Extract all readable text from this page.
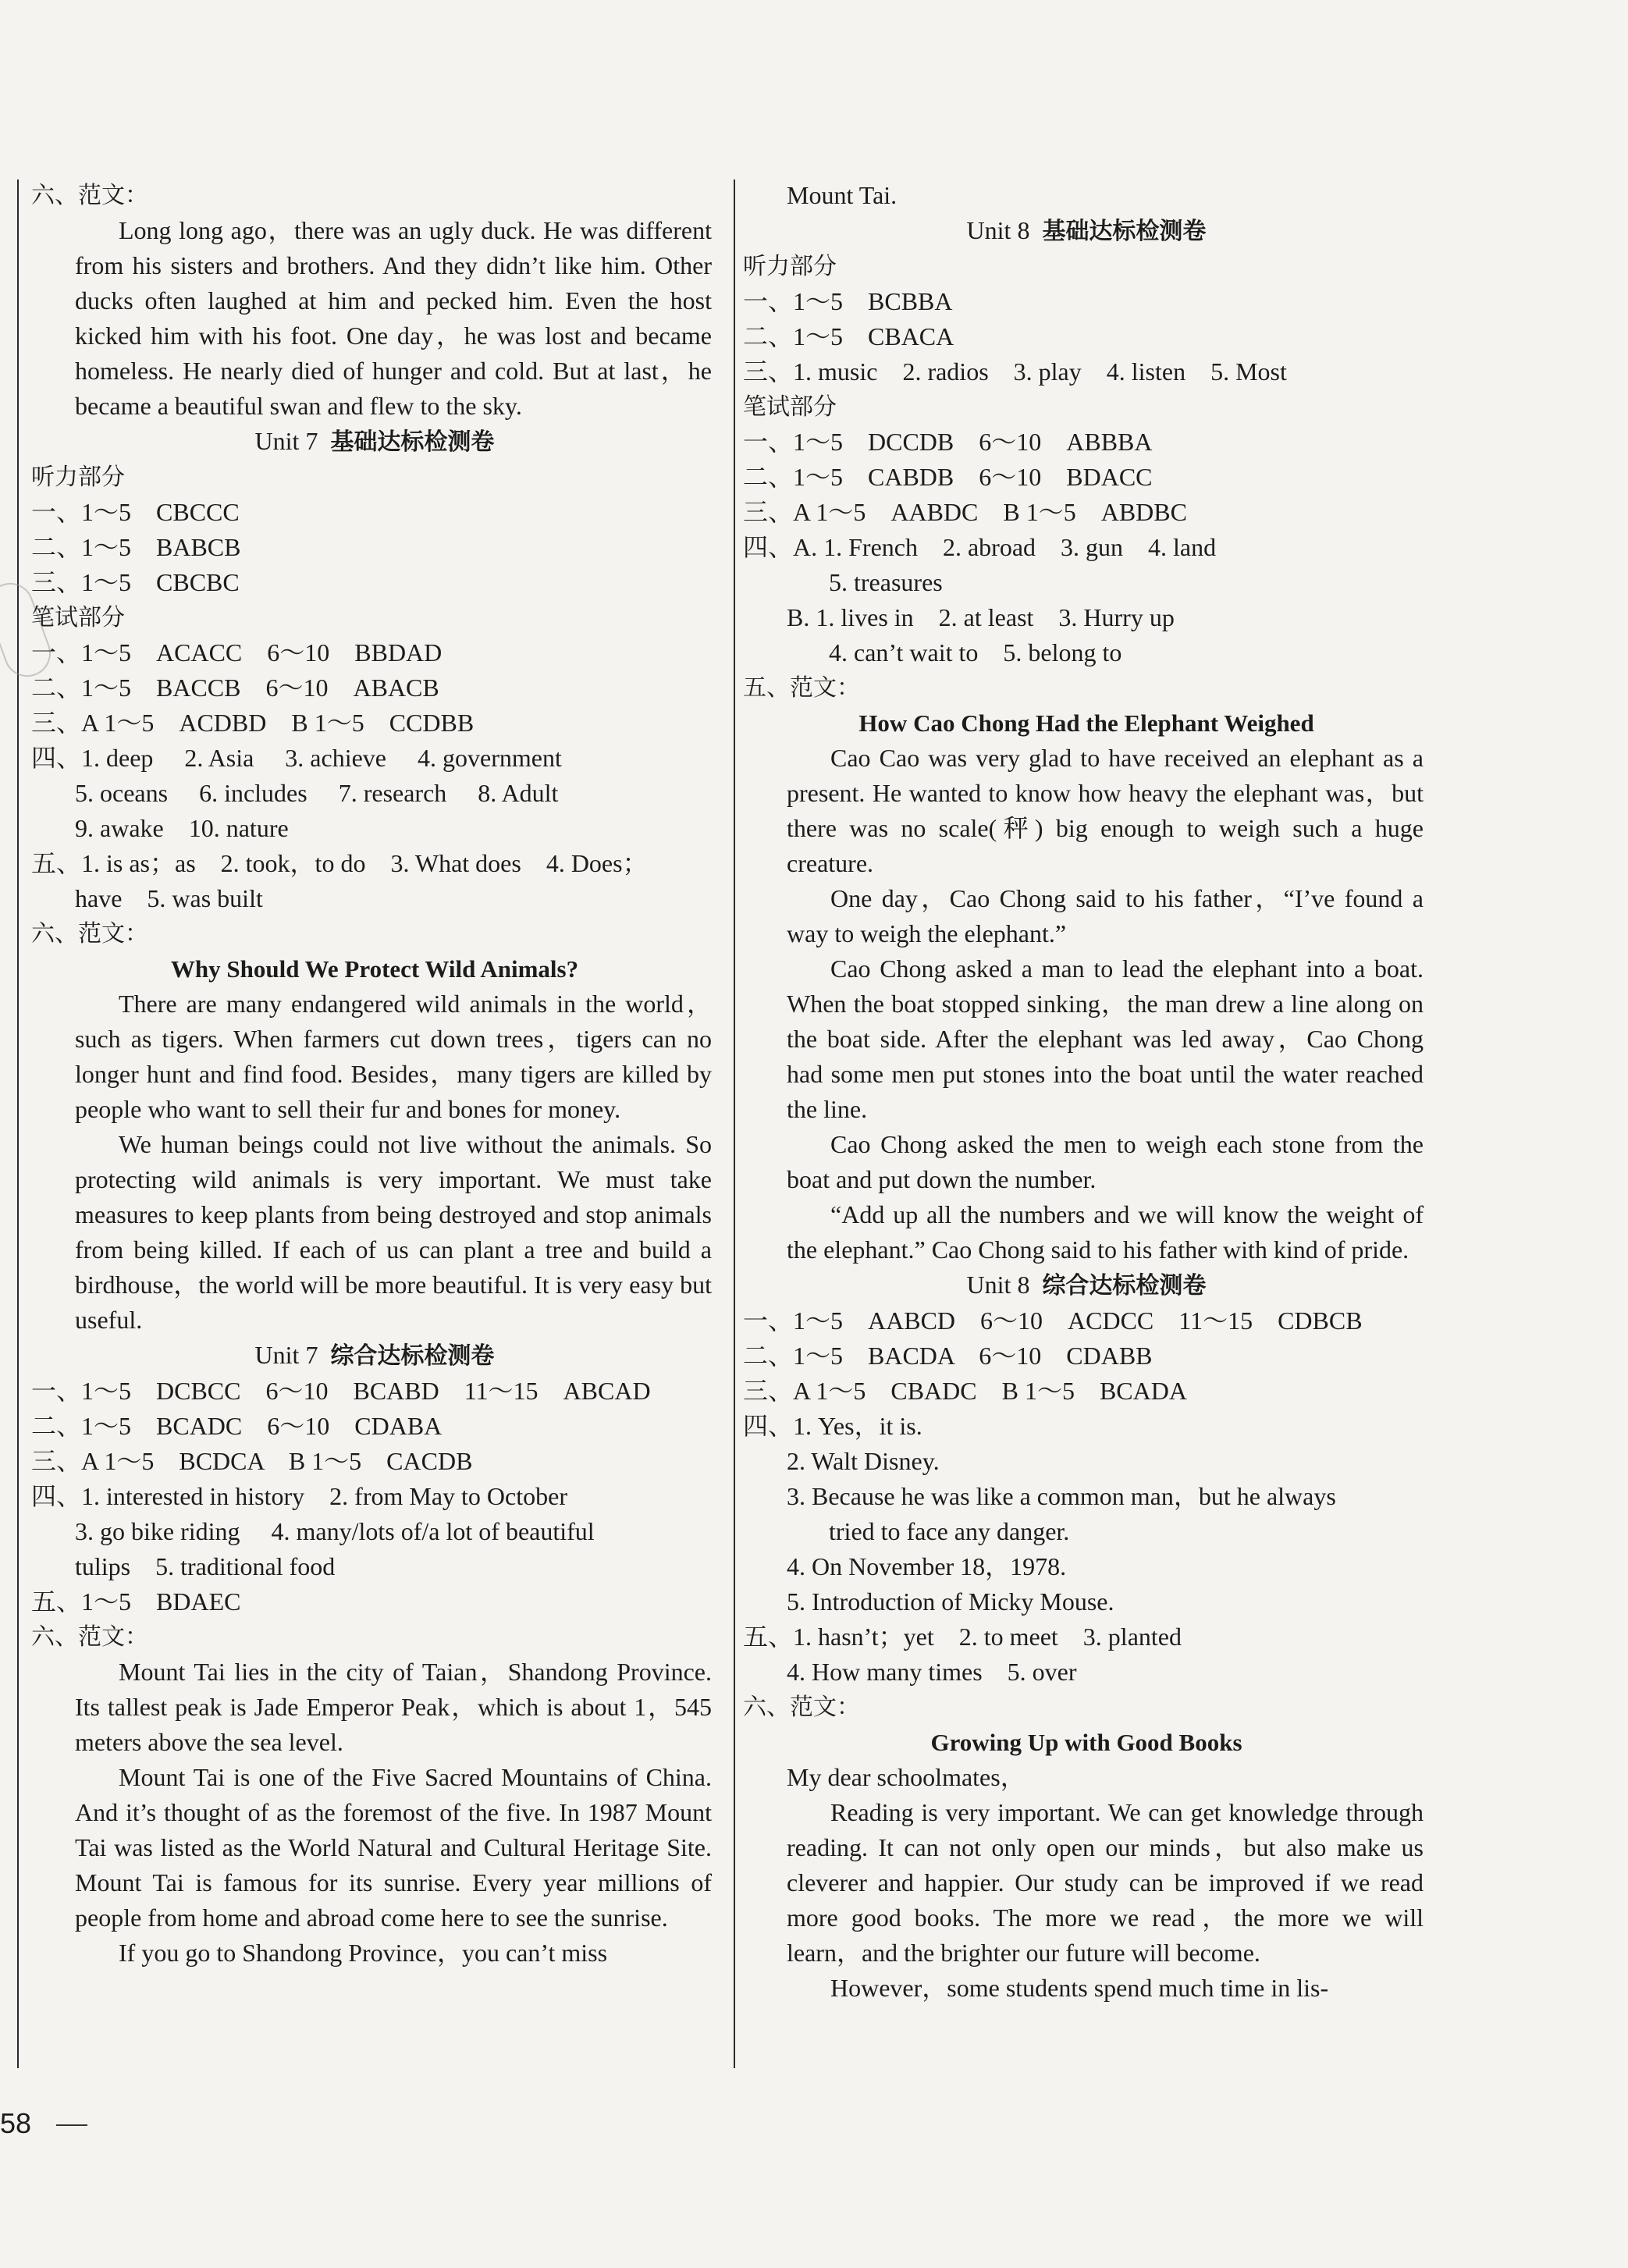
六、范文：
Long long ago，there was an ugly duck. He was different from his sisters and brothers. And they didn’t like him. Other ducks often laughed at him and pecked him. Even the host kicked him with his foot. One day，he was lost and became homeless. He nearly died of hunger and cold. But at last，he became a beautiful swan and flew to the sky.
Unit 7 基础达标检测卷
听力部分
一、1～5　CBCCC
二、1～5　BABCB
三、1～5　CBCBC
笔试部分
一、1～5　ACACC　6～10　BBDAD
二、1～5　BACCB　6～10　ABACB
三、A 1～5　ACDBD　B 1～5　CCDBB
四、1. deep　 2. Asia　 3. achieve　 4. government
5. oceans　 6. includes　 7. research　 8. Adult
9. awake　10. nature
五、1. is as；as　2. took，to do　3. What does　4. Does；
have　5. was built
六、范文：
Why Should We Protect Wild Animals?
There are many endangered wild animals in the world，such as tigers. When farmers cut down trees，tigers can no longer hunt and find food. Besides，many tigers are killed by people who want to sell their fur and bones for money.
We human beings could not live without the animals. So protecting wild animals is very important. We must take measures to keep plants from being destroyed and stop animals from being killed. If each of us can plant a tree and build a birdhouse，the world will be more beautiful. It is very easy but useful.
Unit 7 综合达标检测卷
一、1～5　DCBCC　6～10　BCABD　11～15　ABCAD
二、1～5　BCADC　6～10　CDABA
三、A 1～5　BCDCA　B 1～5　CACDB
四、1. interested in history　2. from May to October
3. go bike riding　 4. many/lots of/a lot of beautiful
tulips　5. traditional food
五、1～5　BDAEC
六、范文：
Mount Tai lies in the city of Taian，Shandong Province. Its tallest peak is Jade Emperor Peak，which is about 1，545 meters above the sea level.
Mount Tai is one of the Five Sacred Mountains of China. And it’s thought of as the foremost of the five. In 1987 Mount Tai was listed as the World Natural and Cultural Heritage Site. Mount Tai is famous for its sunrise. Every year millions of people from home and abroad come here to see the sunrise.
If you go to Shandong Province，you can’t miss
Mount Tai.
Unit 8 基础达标检测卷
听力部分
一、1～5　BCBBA
二、1～5　CBACA
三、1. music　2. radios　3. play　4. listen　5. Most
笔试部分
一、1～5　DCCDB　6～10　ABBBA
二、1～5　CABDB　6～10　BDACC
三、A 1～5　AABDC　B 1～5　ABDBC
四、A. 1. French　2. abroad　3. gun　4. land
5. treasures
B. 1. lives in　2. at least　3. Hurry up
4. can’t wait to　5. belong to
五、范文：
How Cao Chong Had the Elephant Weighed
Cao Cao was very glad to have received an elephant as a present. He wanted to know how heavy the elephant was，but there was no scale(秤) big enough to weigh such a huge creature.
One day，Cao Chong said to his father，“I’ve found a way to weigh the elephant.”
Cao Chong asked a man to lead the elephant into a boat. When the boat stopped sinking，the man drew a line along on the boat side. After the elephant was led away，Cao Chong had some men put stones into the boat until the water reached the line.
Cao Chong asked the men to weigh each stone from the boat and put down the number.
“Add up all the numbers and we will know the weight of the elephant.” Cao Chong said to his father with kind of pride.
Unit 8 综合达标检测卷
一、1～5　AABCD　6～10　ACDCC　11～15　CDBCB
二、1～5　BACDA　6～10　CDABB
三、A 1～5　CBADC　B 1～5　BCADA
四、1. Yes，it is.
2. Walt Disney.
3. Because he was like a common man，but he always
tried to face any danger.
4. On November 18，1978.
5. Introduction of Micky Mouse.
五、1. hasn’t；yet　2. to meet　3. planted
4. How many times　5. over
六、范文：
Growing Up with Good Books
My dear schoolmates，
Reading is very important. We can get knowledge through reading. It can not only open our minds，but also make us cleverer and happier. Our study can be improved if we read more good books. The more we read，the more we will learn，and the brighter our future will become.
However，some students spend much time in lis-
58
